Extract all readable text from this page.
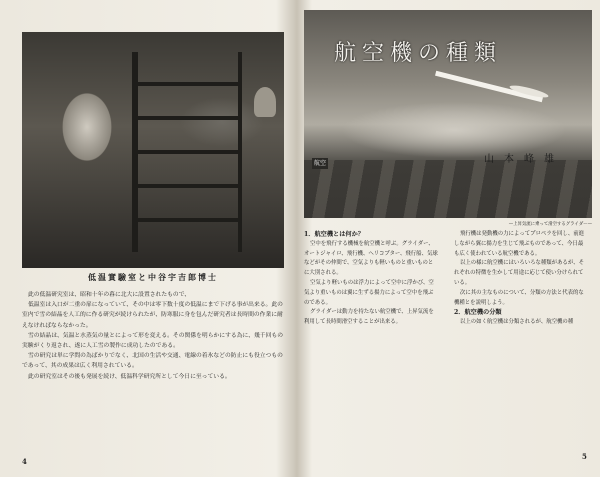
低温實驗室と中谷宇吉郎博士

此の低温研究室は、昭和十年の暮に北大に設置されたもので、

低温室は入口が二重の扉になっていて、その中は零下数十度の低温にまで下げる事が出来る。此の室内で雪の結晶を人工的に作る研究が続けられたが、防寒服に身を包んだ研究者は長時間の作業に耐えなければならなかった。

雪の結晶は、気温と水蒸気の量とによって形を変える。その関係を明らかにする為に、幾千回もの実験がくり返され、遂に人工雪の製作に成功したのである。

雪の研究は単に学問の為ばかりでなく、北国の生活や交通、電線の着氷などの防止にも役立つものであって、其の成果は広く利用されている。

此の研究室はその後も発展を続け、低温科学研究所として今日に至っている。

4
航空機の種類
航空	山本峰雄
—上昇気流に乗って滑空するグライダー—

1．航空機とは何か？

空中を飛行する機械を航空機と呼ぶ。グライダー、オートジャイロ、飛行機、ヘリコプター、飛行船、気球などがその仲間で、空気よりも軽いものと重いものとに大別される。

空気より軽いものは浮力によって空中に浮かび、空気より重いものは翼に生ずる揚力によって空中を飛ぶのである。

グライダーは動力を持たない航空機で、上昇気流を利用して長時間滑空することが出来る。

飛行機は発動機の力によってプロペラを回し、前進しながら翼に揚力を生じて飛ぶものであって、今日最も広く使われている航空機である。

以上の様に航空機にはいろいろな種類があるが、それぞれの特徴を生かして用途に応じて使い分けられている。

次に其の主なものについて、分類の方法と代表的な機種とを説明しよう。

2．航空機の分類

以上の如く航空機は分類されるが、航空機の種

5
